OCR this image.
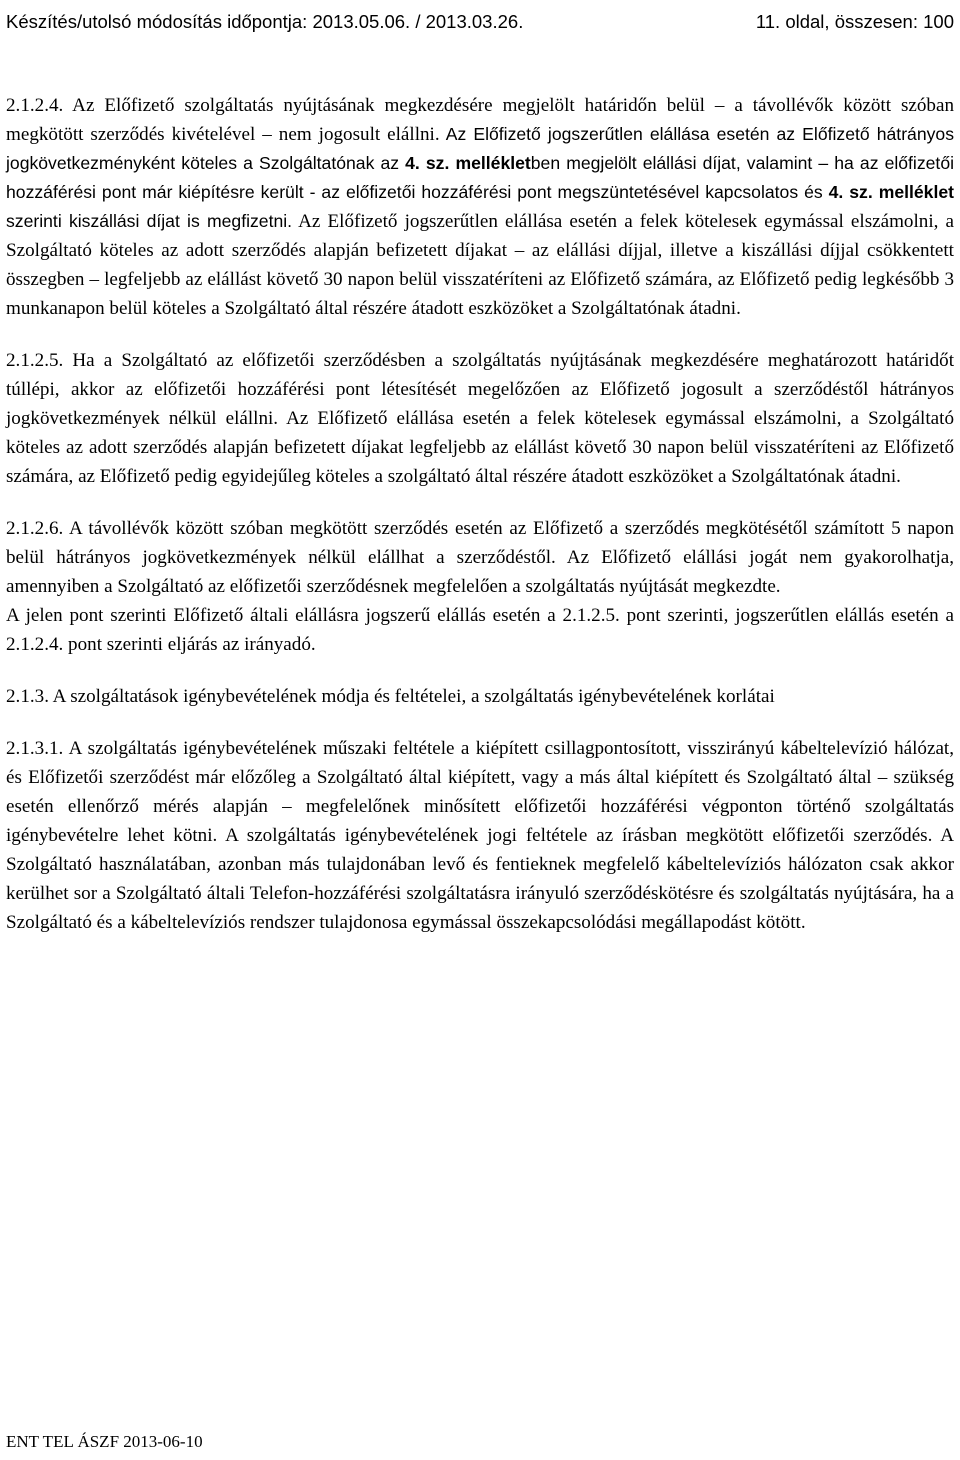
Készítés/utolsó módosítás időpontja: 2013.05.06. / 2013.03.26.	11. oldal, összesen: 100

2.1.2.4. Az Előfizető szolgáltatás nyújtásának megkezdésére megjelölt határidőn belül – a távollévők között szóban megkötött szerződés kivételével – nem jogosult elállni. Az Előfizető jogszerűtlen elállása esetén az Előfizető hátrányos jogkövetkezményként köteles a Szolgáltatónak az 4. sz. mellékletben megjelölt elállási díjat, valamint – ha az előfizetői hozzáférési pont már kiépítésre került - az előfizetői hozzáférési pont megszüntetésével kapcsolatos és 4. sz. melléklet szerinti kiszállási díjat is megfizetni. Az Előfizető jogszerűtlen elállása esetén a felek kötelesek egymással elszámolni, a Szolgáltató köteles az adott szerződés alapján befizetett díjakat – az elállási díjjal, illetve a kiszállási díjjal csökkentett összegben – legfeljebb az elállást követő 30 napon belül visszatéríteni az Előfizető számára, az Előfizető pedig legkésőbb 3 munkanapon belül köteles a Szolgáltató által részére átadott eszközöket a Szolgáltatónak átadni.

2.1.2.5. Ha a Szolgáltató az előfizetői szerződésben a szolgáltatás nyújtásának megkezdésére meghatározott határidőt túllépi, akkor az előfizetői hozzáférési pont létesítését megelőzően az Előfizető jogosult a szerződéstől hátrányos jogkövetkezmények nélkül elállni. Az Előfizető elállása esetén a felek kötelesek egymással elszámolni, a Szolgáltató köteles az adott szerződés alapján befizetett díjakat legfeljebb az elállást követő 30 napon belül visszatéríteni az Előfizető számára, az Előfizető pedig egyidejűleg köteles a szolgáltató által részére átadott eszközöket a Szolgáltatónak átadni.

2.1.2.6. A távollévők között szóban megkötött szerződés esetén az Előfizető a szerződés megkötésétől számított 5 napon belül hátrányos jogkövetkezmények nélkül elállhat a szerződéstől. Az Előfizető elállási jogát nem gyakorolhatja, amennyiben a Szolgáltató az előfizetői szerződésnek megfelelően a szolgáltatás nyújtását megkezdte.

A jelen pont szerinti Előfizető általi elállásra jogszerű elállás esetén a 2.1.2.5. pont szerinti, jogszerűtlen elállás esetén a 2.1.2.4. pont szerinti eljárás az irányadó.

2.1.3. A szolgáltatások igénybevételének módja és feltételei, a szolgáltatás igénybevételének korlátai

2.1.3.1. A szolgáltatás igénybevételének műszaki feltétele a kiépített csillagpontosított, visszirányú kábeltelevízió hálózat, és Előfizetői szerződést már előzőleg a Szolgáltató által kiépített, vagy a más által kiépített és Szolgáltató által – szükség esetén ellenőrző mérés alapján – megfelelőnek minősített előfizetői hozzáférési végponton történő szolgáltatás igénybevételre lehet kötni. A szolgáltatás igénybevételének jogi feltétele az írásban megkötött előfizetői szerződés. A Szolgáltató használatában, azonban más tulajdonában levő és fentieknek megfelelő kábeltelevíziós hálózaton csak akkor kerülhet sor a Szolgáltató általi Telefon-hozzáférési szolgáltatásra irányuló szerződéskötésre és szolgáltatás nyújtására, ha a Szolgáltató és a kábeltelevíziós rendszer tulajdonosa egymással összekapcsolódási megállapodást kötött.

ENT TEL ÁSZF 2013-06-10
